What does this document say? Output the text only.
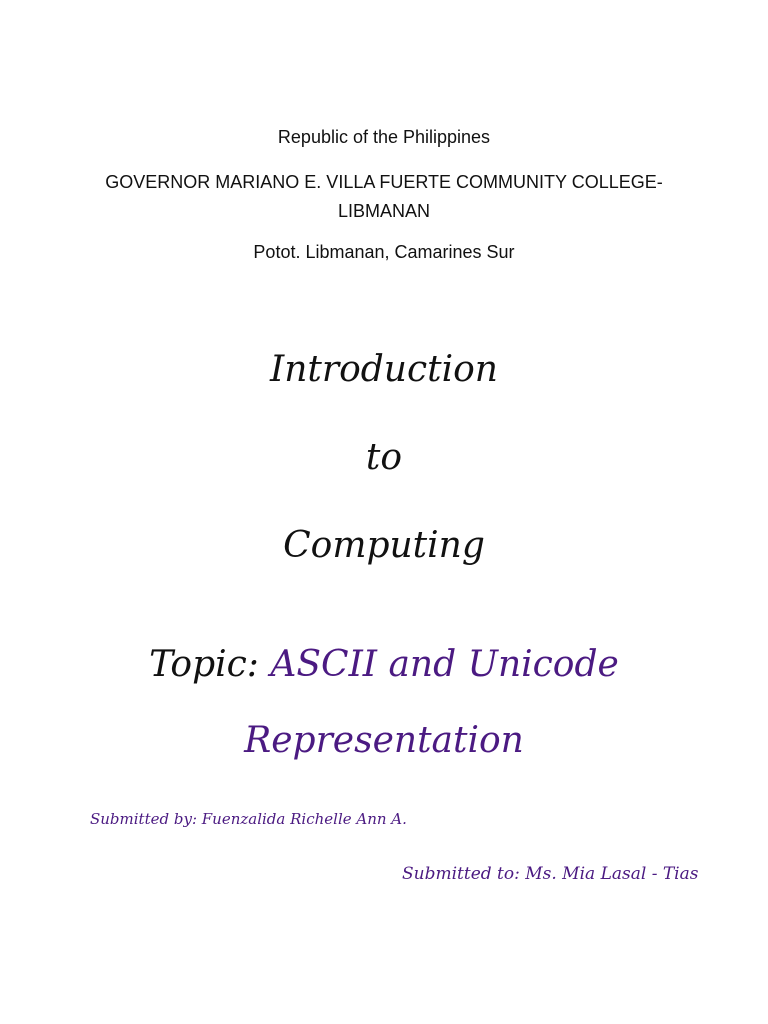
Republic of the Philippines
GOVERNOR MARIANO E. VILLA FUERTE COMMUNITY COLLEGE-
LIBMANAN
Potot. Libmanan, Camarines Sur
Introduction
to
Computing
Topic: ASCII and Unicode
Representation
Submitted by: Fuenzalida Richelle Ann A.
Submitted to: Ms. Mia Lasal - Tias
